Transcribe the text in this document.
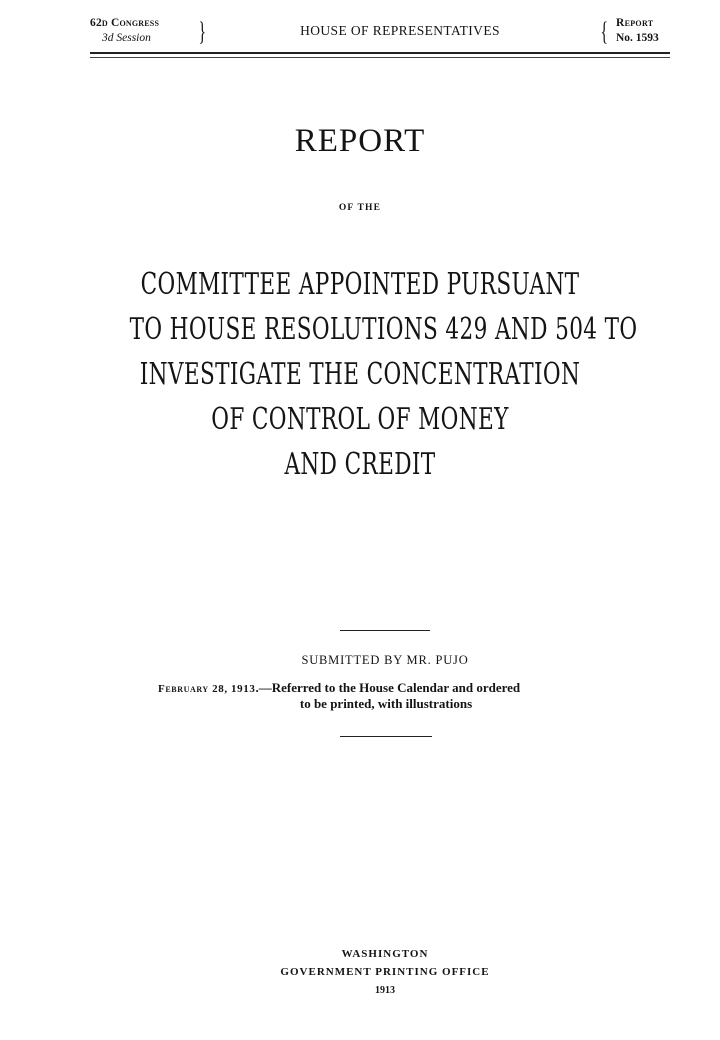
62d Congress
3d Session }	HOUSE OF REPRESENTATIVES	{ Report
No. 1593
REPORT
OF THE
COMMITTEE APPOINTED PURSUANT
TO HOUSE RESOLUTIONS 429 AND 504 TO
INVESTIGATE THE CONCENTRATION
OF CONTROL OF MONEY
AND CREDIT
SUBMITTED BY MR. PUJO
February 28, 1913.—Referred to the House Calendar and ordered
to be printed, with illustrations
WASHINGTON
GOVERNMENT PRINTING OFFICE
1913
